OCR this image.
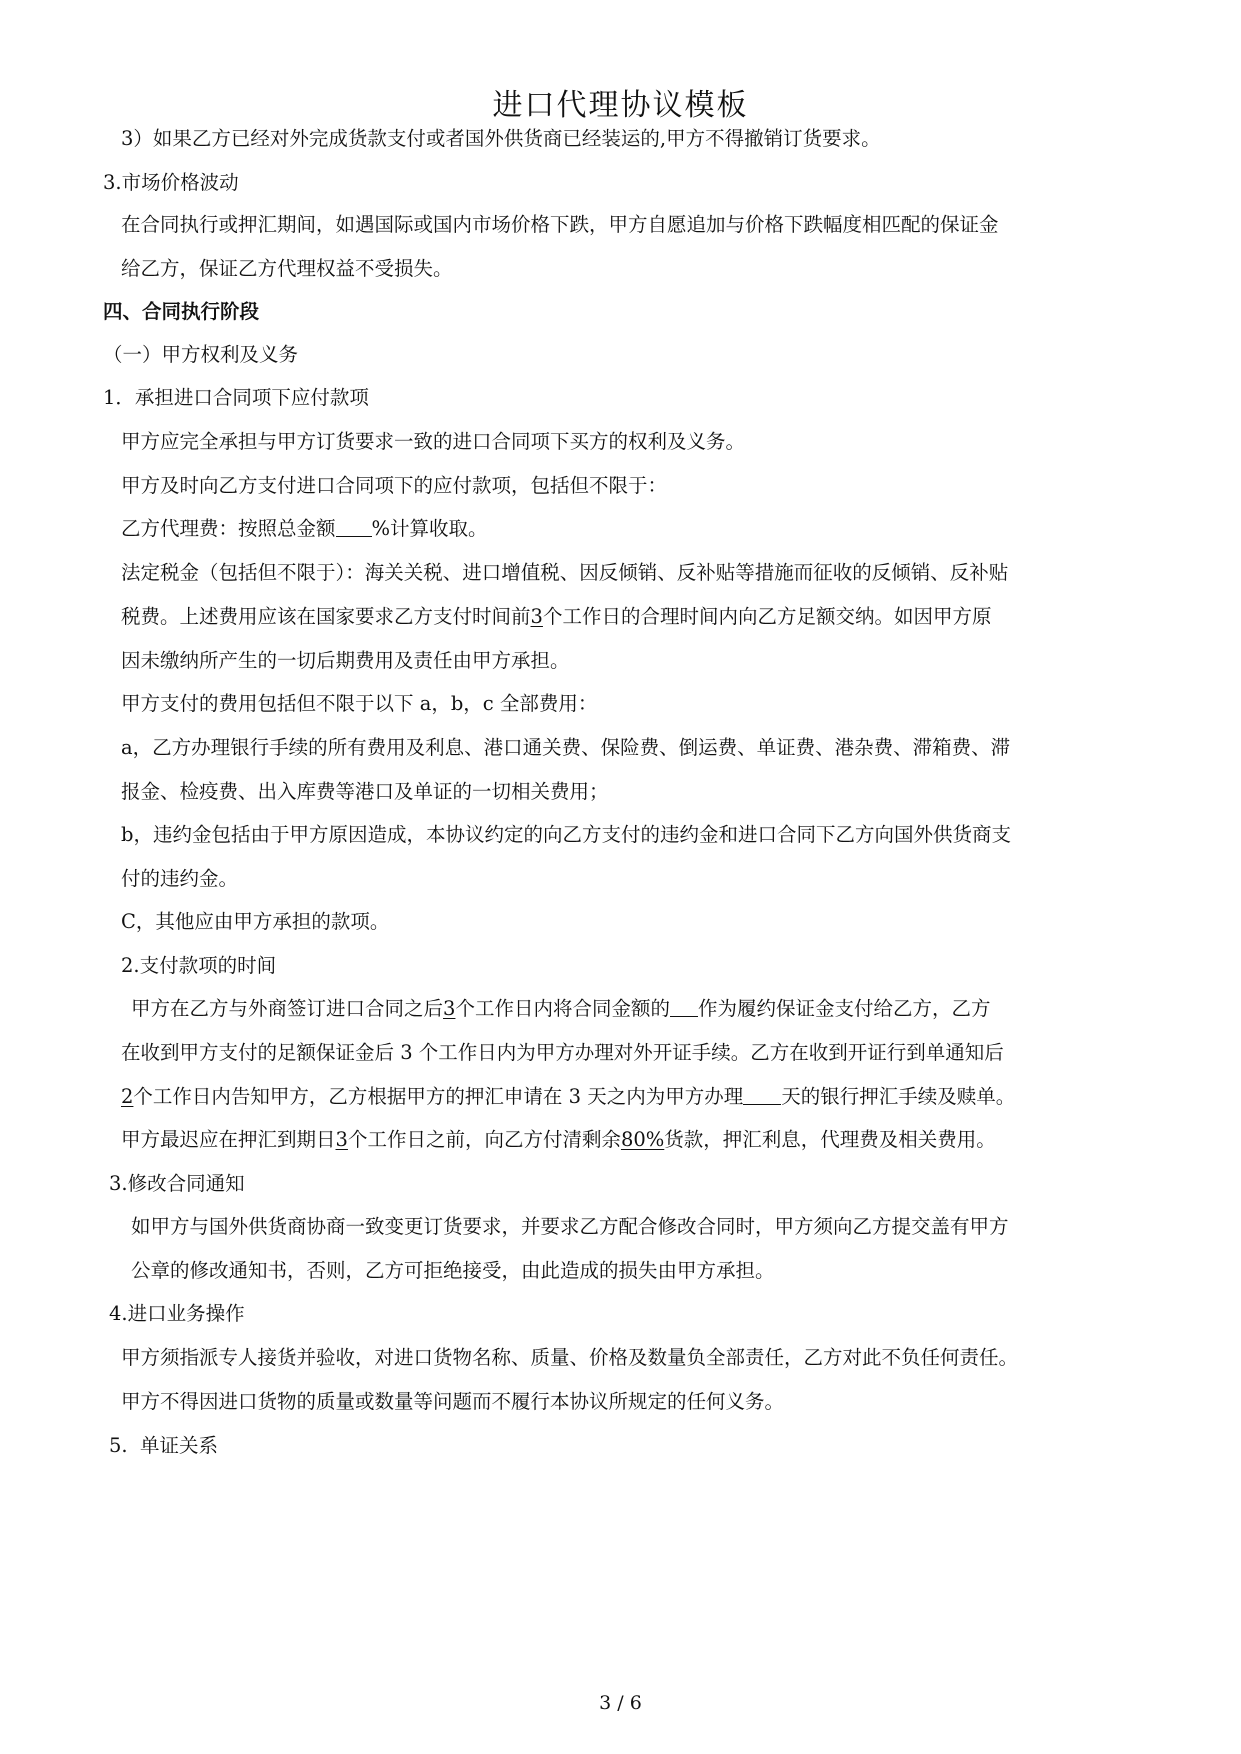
进口代理协议模板
3）如果乙方已经对外完成货款支付或者国外供货商已经装运的,甲方不得撤销订货要求。
3.市场价格波动
在合同执行或押汇期间，如遇国际或国内市场价格下跌，甲方自愿追加与价格下跌幅度相匹配的保证金
给乙方，保证乙方代理权益不受损失。
四、合同执行阶段
（一）甲方权利及义务
1．承担进口合同项下应付款项
甲方应完全承担与甲方订货要求一致的进口合同项下买方的权利及义务。
甲方及时向乙方支付进口合同项下的应付款项，包括但不限于：
乙方代理费：按照总金额 %计算收取。
法定税金（包括但不限于）：海关关税、进口增值税、因反倾销、反补贴等措施而征收的反倾销、反补贴
税费。上述费用应该在国家要求乙方支付时间前3个工作日的合理时间内向乙方足额交纳。如因甲方原
因未缴纳所产生的一切后期费用及责任由甲方承担。
甲方支付的费用包括但不限于以下 a，b，c 全部费用：
a，乙方办理银行手续的所有费用及利息、港口通关费、保险费、倒运费、单证费、港杂费、滞箱费、滞
报金、检疫费、出入库费等港口及单证的一切相关费用；
b，违约金包括由于甲方原因造成，本协议约定的向乙方支付的违约金和进口合同下乙方向国外供货商支
付的违约金。
C，其他应由甲方承担的款项。
2.支付款项的时间
甲方在乙方与外商签订进口合同之后3个工作日内将合同金额的 作为履约保证金支付给乙方，乙方
在收到甲方支付的足额保证金后 3 个工作日内为甲方办理对外开证手续。乙方在收到开证行到单通知后
2个工作日内告知甲方，乙方根据甲方的押汇申请在 3 天之内为甲方办理 天的银行押汇手续及赎单。
甲方最迟应在押汇到期日3个工作日之前，向乙方付清剩余80%货款，押汇利息，代理费及相关费用。
3.修改合同通知
如甲方与国外供货商协商一致变更订货要求，并要求乙方配合修改合同时，甲方须向乙方提交盖有甲方
公章的修改通知书，否则，乙方可拒绝接受，由此造成的损失由甲方承担。
4.进口业务操作
甲方须指派专人接货并验收，对进口货物名称、质量、价格及数量负全部责任，乙方对此不负任何责任。
甲方不得因进口货物的质量或数量等问题而不履行本协议所规定的任何义务。
5.  单证关系
3 / 6
